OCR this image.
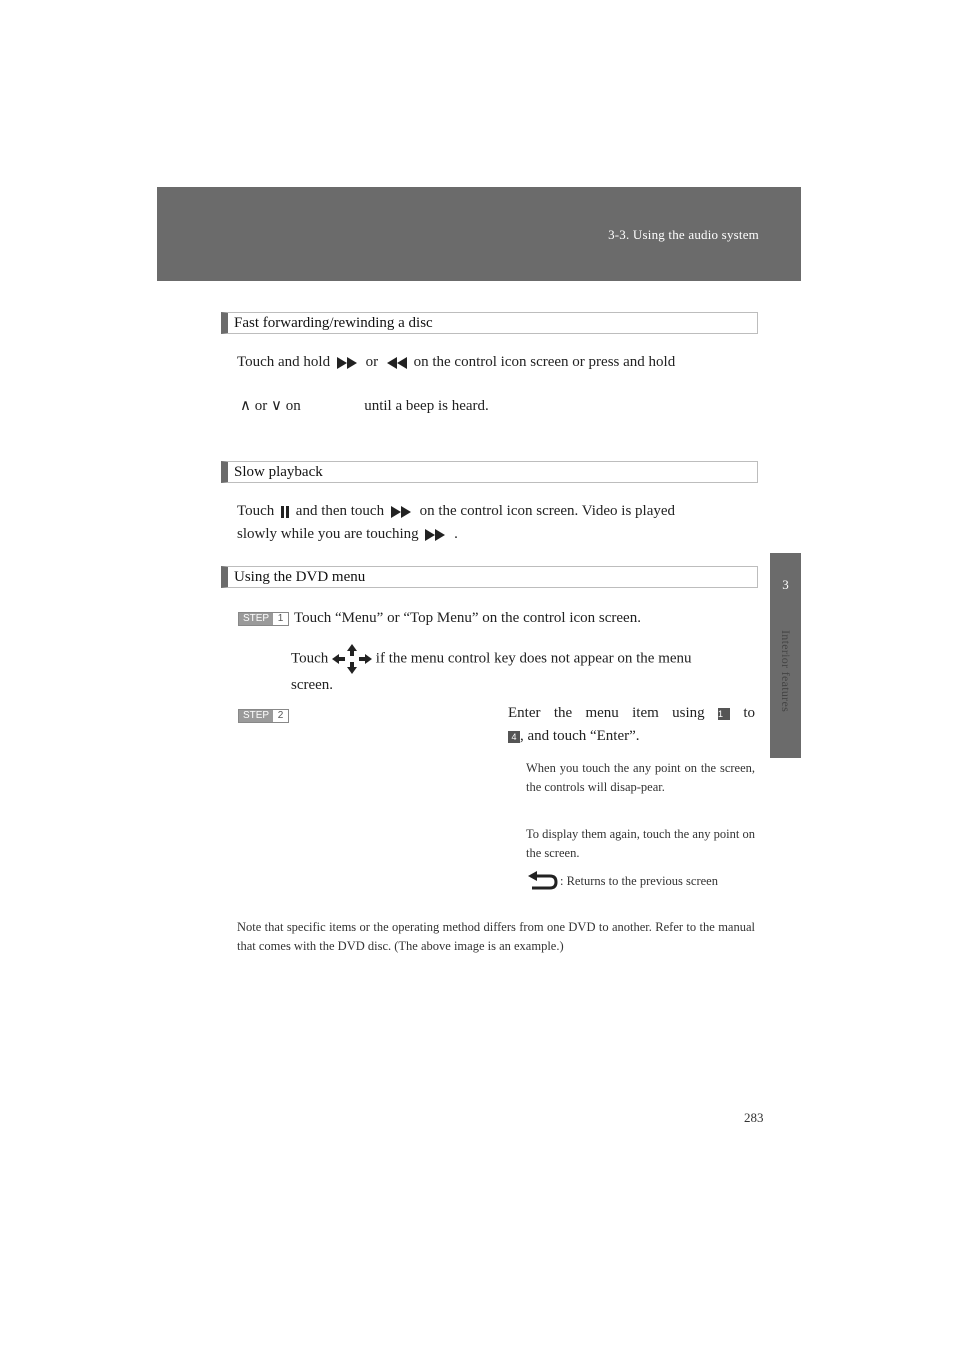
3-3. Using the audio system
3
Interior features
Fast forwarding/rewinding a disc
Touch and hold or on the control icon screen or press and hold
∧ or ∨ on	until a beep is heard.
Slow playback
Touch and then touch on the control icon screen. Video is played
slowly while you are touching .
Using the DVD menu
STEP 1 Touch “Menu” or “Top Menu” on the control icon screen.
Touch	if the menu control key does not appear on the menu
screen.
STEP 2	Enter the menu item using 1 to
4 , and touch “Enter”.
When you touch the any point on the screen, the controls will disap-pear.
To display them again, touch the any point on the screen.
: Returns to the previous screen
Note that specific items or the operating method differs from one DVD to another. Refer to the manual that comes with the DVD disc. (The above image is an example.)
283
